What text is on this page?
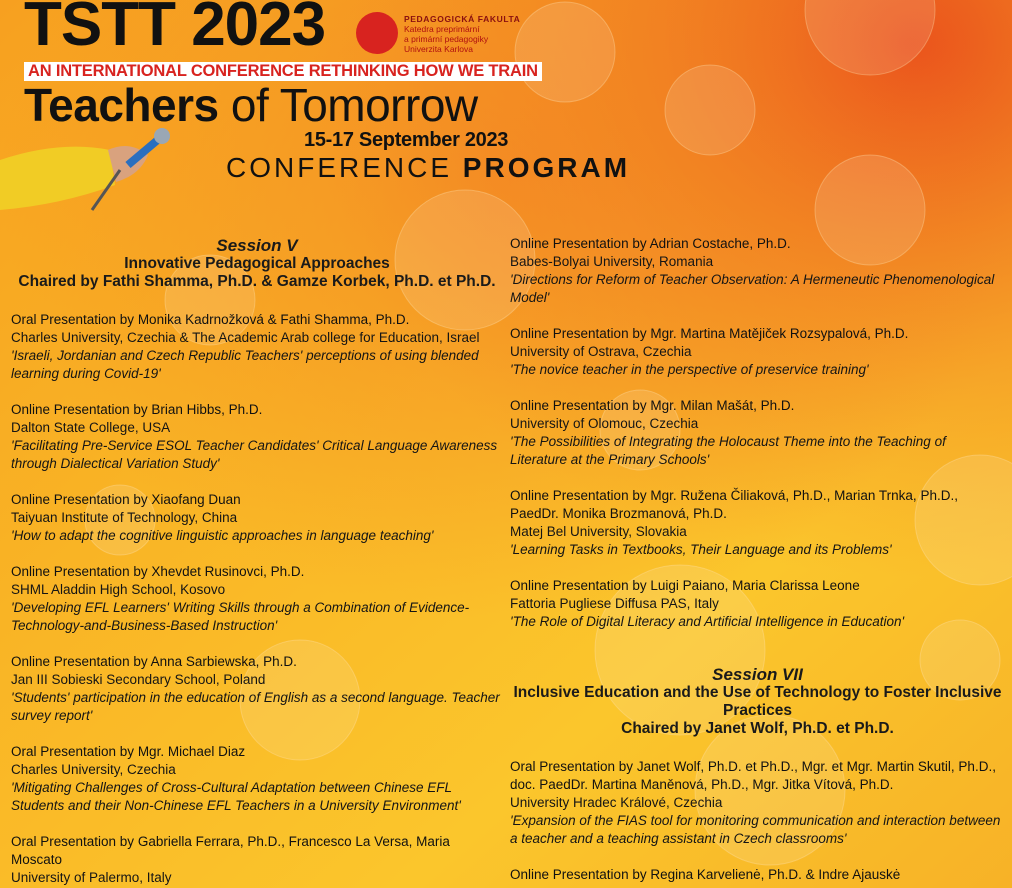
TSTT 2023	PEDAGOGICKÁ FAKULTA
Katedra preprimární
a primární pedagogiky
Univerzita Karlova
AN INTERNATIONAL CONFERENCE RETHINKING HOW WE TRAIN
Teachers of Tomorrow
15-17 September 2023
CONFERENCE PROGRAM
Session V
Innovative Pedagogical Approaches
Chaired by Fathi Shamma, Ph.D. & Gamze Korbek, Ph.D. et Ph.D.
Oral Presentation by Monika Kadrnožková & Fathi Shamma, Ph.D.
Charles University, Czechia & The Academic Arab college for Education, Israel
'Israeli, Jordanian and Czech Republic Teachers' perceptions of using blended learning during Covid-19'
Online Presentation by Brian Hibbs, Ph.D.
Dalton State College, USA
'Facilitating Pre-Service ESOL Teacher Candidates' Critical Language Awareness through Dialectical Variation Study'
Online Presentation by Xiaofang Duan
Taiyuan Institute of Technology, China
'How to adapt the cognitive linguistic approaches in language teaching'
Online Presentation by Xhevdet Rusinovci, Ph.D.
SHML Aladdin High School, Kosovo
'Developing EFL Learners' Writing Skills through a Combination of Evidence-Technology-and-Business-Based Instruction'
Online Presentation by Anna Sarbiewska, Ph.D.
Jan III Sobieski Secondary School, Poland
'Students' participation in the education of English as a second language. Teacher survey report'
Oral Presentation by Mgr. Michael Diaz
Charles University, Czechia
'Mitigating Challenges of Cross-Cultural Adaptation between Chinese EFL Students and their Non-Chinese EFL Teachers in a University Environment'
Oral Presentation by Gabriella Ferrara, Ph.D., Francesco La Versa, Maria Moscato
University of Palermo, Italy
Online Presentation by Adrian Costache, Ph.D.
Babes-Bolyai University, Romania
'Directions for Reform of Teacher Observation: A Hermeneutic Phenomenological Model'
Online Presentation by Mgr. Martina Matějiček Rozsypalová, Ph.D.
University of Ostrava, Czechia
'The novice teacher in the perspective of preservice training'
Online Presentation by Mgr. Milan Mašát, Ph.D.
University of Olomouc, Czechia
'The Possibilities of Integrating the Holocaust Theme into the Teaching of Literature at the Primary Schools'
Online Presentation by Mgr. Ružena Čiliaková, Ph.D., Marian Trnka, Ph.D., PaedDr. Monika Brozmanová, Ph.D.
Matej Bel University, Slovakia
'Learning Tasks in Textbooks, Their Language and its Problems'
Online Presentation by Luigi Paiano, Maria Clarissa Leone
Fattoria Pugliese Diffusa PAS, Italy
'The Role of Digital Literacy and Artificial Intelligence in Education'
Session VII
Inclusive Education and the Use of Technology to Foster Inclusive Practices
Chaired by Janet Wolf, Ph.D. et Ph.D.
Oral Presentation by Janet Wolf, Ph.D. et Ph.D., Mgr. et Mgr. Martin Skutil, Ph.D., doc. PaedDr. Martina Maněnová, Ph.D., Mgr. Jitka Vítová, Ph.D.
University Hradec Králové, Czechia
'Expansion of the FIAS tool for monitoring communication and interaction between a teacher and a teaching assistant in Czech classrooms'
Online Presentation by Regina Karvelienė, Ph.D. & Indre Ajauskė
